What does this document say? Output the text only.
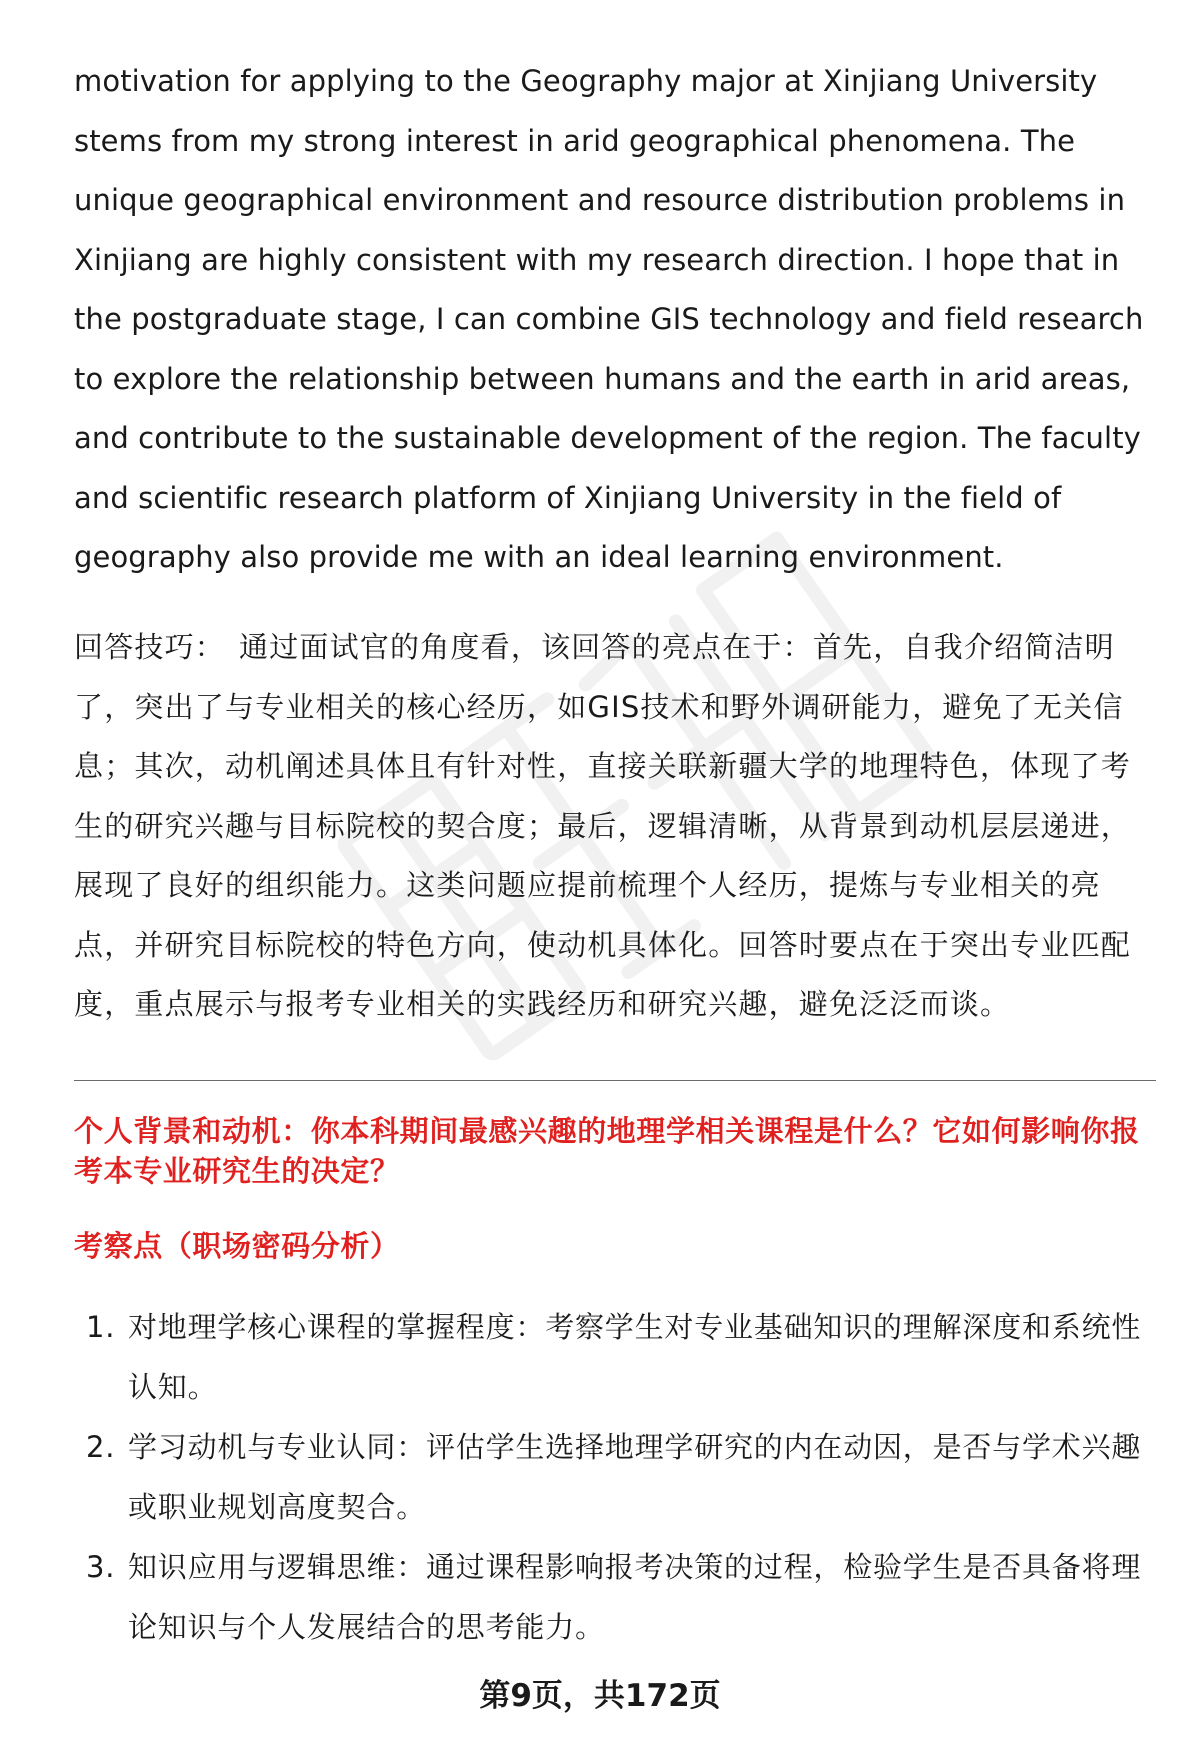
motivation for applying to the Geography major at Xinjiang University stems from my strong interest in arid geographical phenomena. The unique geographical environment and resource distribution problems in Xinjiang are highly consistent with my research direction. I hope that in the postgraduate stage, I can combine GIS technology and field research to explore the relationship between humans and the earth in arid areas, and contribute to the sustainable development of the region. The faculty and scientific research platform of Xinjiang University in the field of geography also provide me with an ideal learning environment.

回答技巧： 通过面试官的角度看，该回答的亮点在于：首先，自我介绍简洁明了，突出了与专业相关的核心经历，如GIS技术和野外调研能力，避免了无关信息；其次，动机阐述具体且有针对性，直接关联新疆大学的地理特色，体现了考生的研究兴趣与目标院校的契合度；最后，逻辑清晰，从背景到动机层层递进，展现了良好的组织能力。这类问题应提前梳理个人经历，提炼与专业相关的亮点，并研究目标院校的特色方向，使动机具体化。回答时要点在于突出专业匹配度，重点展示与报考专业相关的实践经历和研究兴趣，避免泛泛而谈。

个人背景和动机：你本科期间最感兴趣的地理学相关课程是什么？它如何影响你报考本专业研究生的决定？

考察点（职场密码分析）

1. 对地理学核心课程的掌握程度：考察学生对专业基础知识的理解深度和系统性认知。
2. 学习动机与专业认同：评估学生选择地理学研究的内在动因，是否与学术兴趣或职业规划高度契合。
3. 知识应用与逻辑思维：通过课程影响报考决策的过程，检验学生是否具备将理论知识与个人发展结合的思考能力。
第9页，共172页
